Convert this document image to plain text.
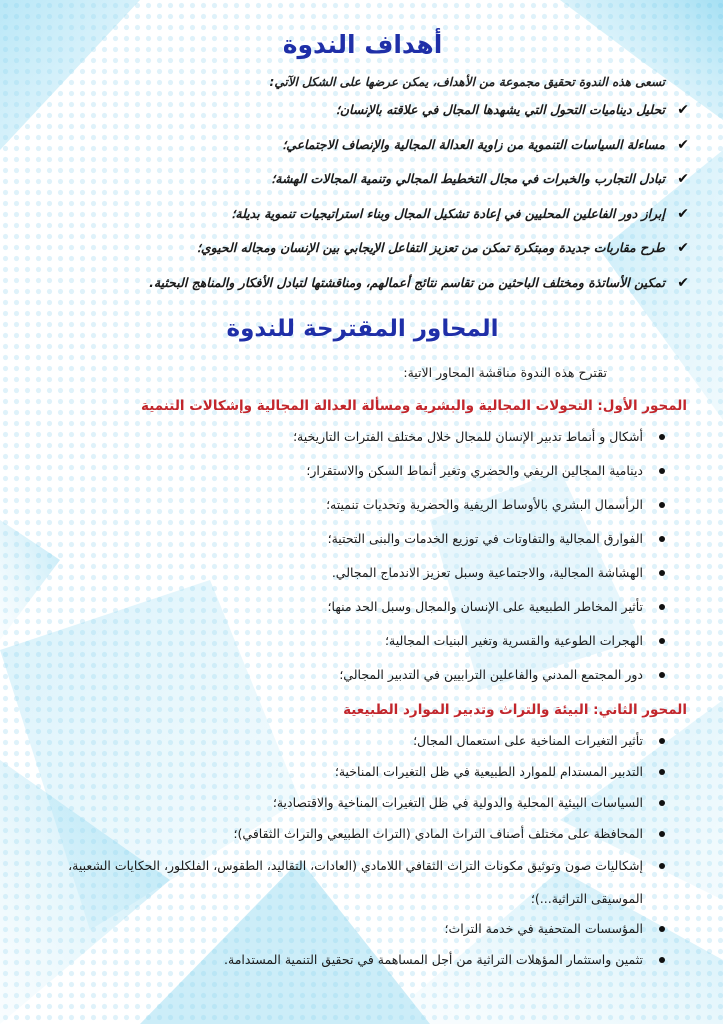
أهداف الندوة
تسعى هذه الندوة تحقيق مجموعة من الأهداف، يمكن عرضها على الشكل الآتي:
✔
تحليل ديناميات التحول التي يشهدها المجال في علاقته بالإنسان؛
✔
مساءلة السياسات التنموية من زاوية العدالة المجالية والإنصاف الاجتماعي؛
✔
تبادل التجارب والخبرات في مجال التخطيط المجالي وتنمية المجالات الهشة؛
✔
إبراز دور الفاعلين المحليين في إعادة تشكيل المجال وبناء استراتيجيات تنموية بديلة؛
✔
طرح مقاربات جديدة ومبتكرة تمكن من تعزيز التفاعل الإيجابي بين الإنسان ومجاله الحيوي؛
✔
تمكين الأساتذة ومختلف الباحثين من تقاسم نتائج أعمالهم، ومناقشتها لتبادل الأفكار والمناهج البحثية.
المحاور المقترحة للندوة
تقترح هذه الندوة مناقشة المحاور الاتية:
المحور الأول: التحولات المجالية والبشرية ومسألة العدالة المجالية وإشكالات التنمية
أشكال و أنماط تدبير الإنسان للمجال خلال مختلف الفترات التاريخية؛
دينامية المجالين الريفي والحضري وتغير أنماط السكن والاستقرار؛
الرأسمال البشري بالأوساط الريفية والحضرية وتحديات تنميته؛
الفوارق المجالية والتفاوتات في توزيع الخدمات والبنى التحتية؛
الهشاشة المجالية، والاجتماعية وسبل تعزيز الاندماج المجالي.
تأثير المخاطر الطبيعية على الإنسان والمجال وسبل الحد منها؛
الهجرات الطوعية والقسرية وتغير البنيات المجالية؛
دور المجتمع المدني والفاعلين الترابيين في التدبير المجالي؛
المحور الثاني: البيئة والتراث وتدبير الموارد الطبيعية
تأثير التغيرات المناخية على استعمال المجال؛
التدبير المستدام للموارد الطبيعية في ظل التغيرات المناخية؛
السياسات البيئية المحلية والدولية في ظل التغيرات المناخية والاقتصادية؛
المحافظة على مختلف أصناف التراث المادي (التراث الطبيعي والتراث الثقافي)؛
إشكاليات صون وتوثيق مكونات التراث الثقافي اللامادي (العادات، التقاليد، الطقوس، الفلكلور، الحكايات الشعبية، الموسيقى التراثية...)؛
المؤسسات المتحفية في خدمة التراث؛
تثمين واستثمار المؤهلات التراثية من أجل المساهمة في تحقيق التنمية المستدامة.
